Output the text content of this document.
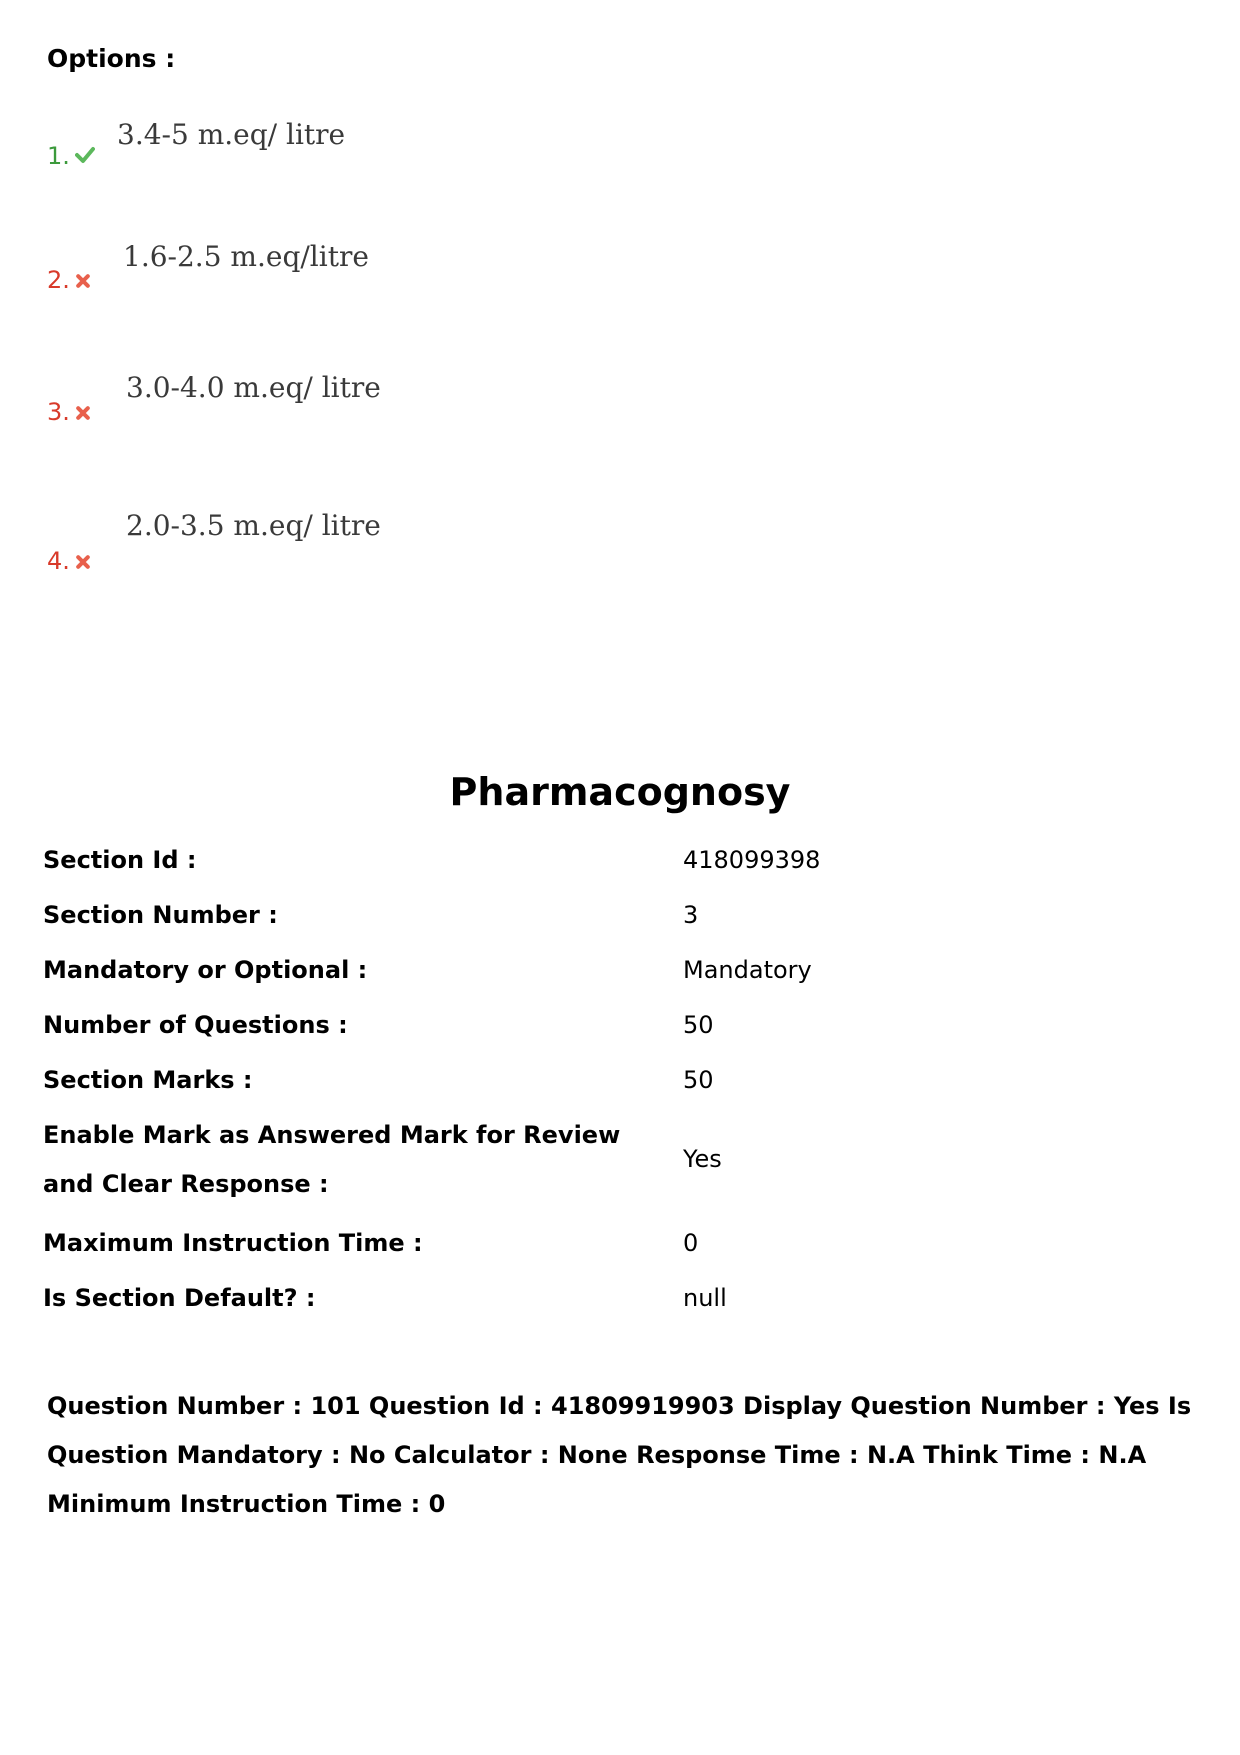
Options :
1.
3.4-5 m.eq/ litre
2.
1.6-2.5 m.eq/litre
3.
3.0-4.0 m.eq/ litre
4.
2.0-3.5 m.eq/ litre
Pharmacognosy
Section Id :	418099398
Section Number :	3
Mandatory or Optional :	Mandatory
Number of Questions :	50
Section Marks :	50
Enable Mark as Answered Mark for Review and Clear Response :
Yes
Maximum Instruction Time :	0
Is Section Default? :	null
Question Number : 101 Question Id : 41809919903 Display Question Number : Yes Is Question Mandatory : No Calculator : None Response Time : N.A Think Time : N.A Minimum Instruction Time : 0
